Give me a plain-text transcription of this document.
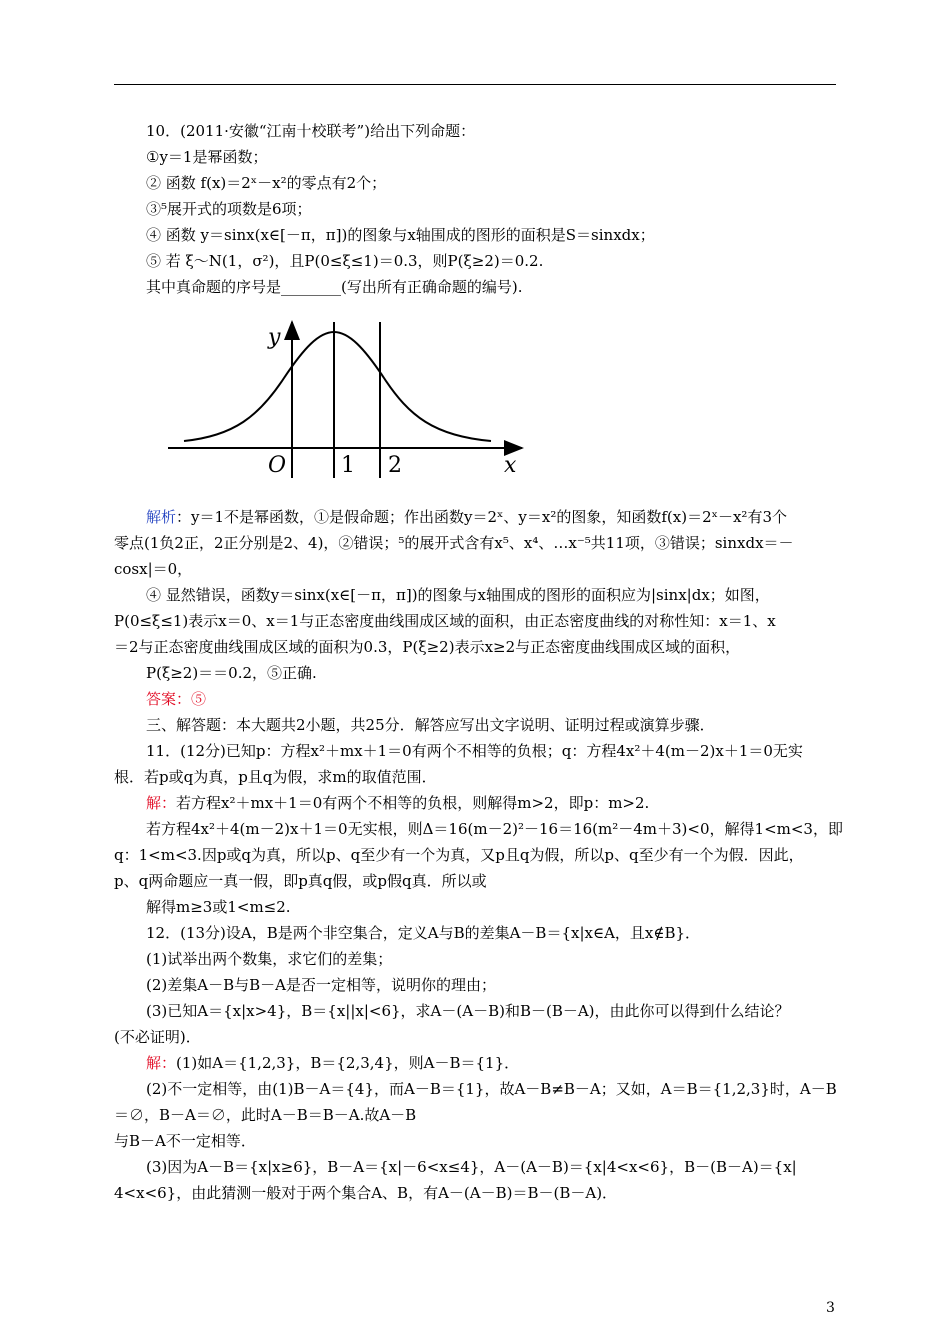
10．(2011·安徽“江南十校联考”)给出下列命题：
①y＝1是幂函数；
② 函数 f(x)＝2ˣ－x²的零点有2个；
③⁵展开式的项数是6项；
④ 函数 y＝sinx(x∈[－π，π])的图象与x轴围成的图形的面积是S＝sinxdx；
⑤ 若 ξ～N(1，σ²)，且P(0≤ξ≤1)＝0.3，则P(ξ≥2)＝0.2.
其中真命题的序号是________(写出所有正确命题的编号).
y
x
O 1 2
解析：y＝1不是幂函数，①是假命题；作出函数y＝2ˣ、y＝x²的图象，知函数f(x)＝2ˣ－x²有3个
零点(1负2正，2正分别是2、4)，②错误；⁵的展开式含有x⁵、x⁴、…x⁻⁵共11项，③错误；sinxdx＝－
cosx|＝0，
④ 显然错误，函数y＝sinx(x∈[－π，π])的图象与x轴围成的图形的面积应为|sinx|dx；如图，
P(0≤ξ≤1)表示x＝0、x＝1与正态密度曲线围成区域的面积，由正态密度曲线的对称性知：x＝1、x
＝2与正态密度曲线围成区域的面积为0.3，P(ξ≥2)表示x≥2与正态密度曲线围成区域的面积，
P(ξ≥2)＝＝0.2，⑤正确.
答案：⑤
三、解答题：本大题共2小题，共25分．解答应写出文字说明、证明过程或演算步骤．
11．(12分)已知p：方程x²＋mx＋1＝0有两个不相等的负根；q：方程4x²＋4(m－2)x＋1＝0无实
根．若p或q为真，p且q为假，求m的取值范围．
解：若方程x²＋mx＋1＝0有两个不相等的负根，则解得m>2，即p：m>2.
若方程4x²＋4(m－2)x＋1＝0无实根，则Δ＝16(m－2)²－16＝16(m²－4m＋3)<0，解得1<m<3，即
q：1<m<3.因p或q为真，所以p、q至少有一个为真，又p且q为假，所以p、q至少有一个为假．因此，
p、q两命题应一真一假，即p真q假，或p假q真．所以或
解得m≥3或1<m≤2.
12．(13分)设A，B是两个非空集合，定义A与B的差集A－B＝{x|x∈A，且x∉B}．
(1)试举出两个数集，求它们的差集；
(2)差集A－B与B－A是否一定相等，说明你的理由；
(3)已知A＝{x|x>4}，B＝{x||x|<6}，求A－(A－B)和B－(B－A)，由此你可以得到什么结论？
(不必证明)．
解：(1)如A＝{1,2,3}，B＝{2,3,4}，则A－B＝{1}．
(2)不一定相等，由(1)B－A＝{4}，而A－B＝{1}，故A－B≠B－A；又如，A＝B＝{1,2,3}时，A－B
＝∅，B－A＝∅，此时A－B＝B－A.故A－B
与B－A不一定相等．
(3)因为A－B＝{x|x≥6}，B－A＝{x|－6<x≤4}，A－(A－B)＝{x|4<x<6}，B－(B－A)＝{x|
4<x<6}，由此猜测一般对于两个集合A、B，有A－(A－B)＝B－(B－A)．
3
